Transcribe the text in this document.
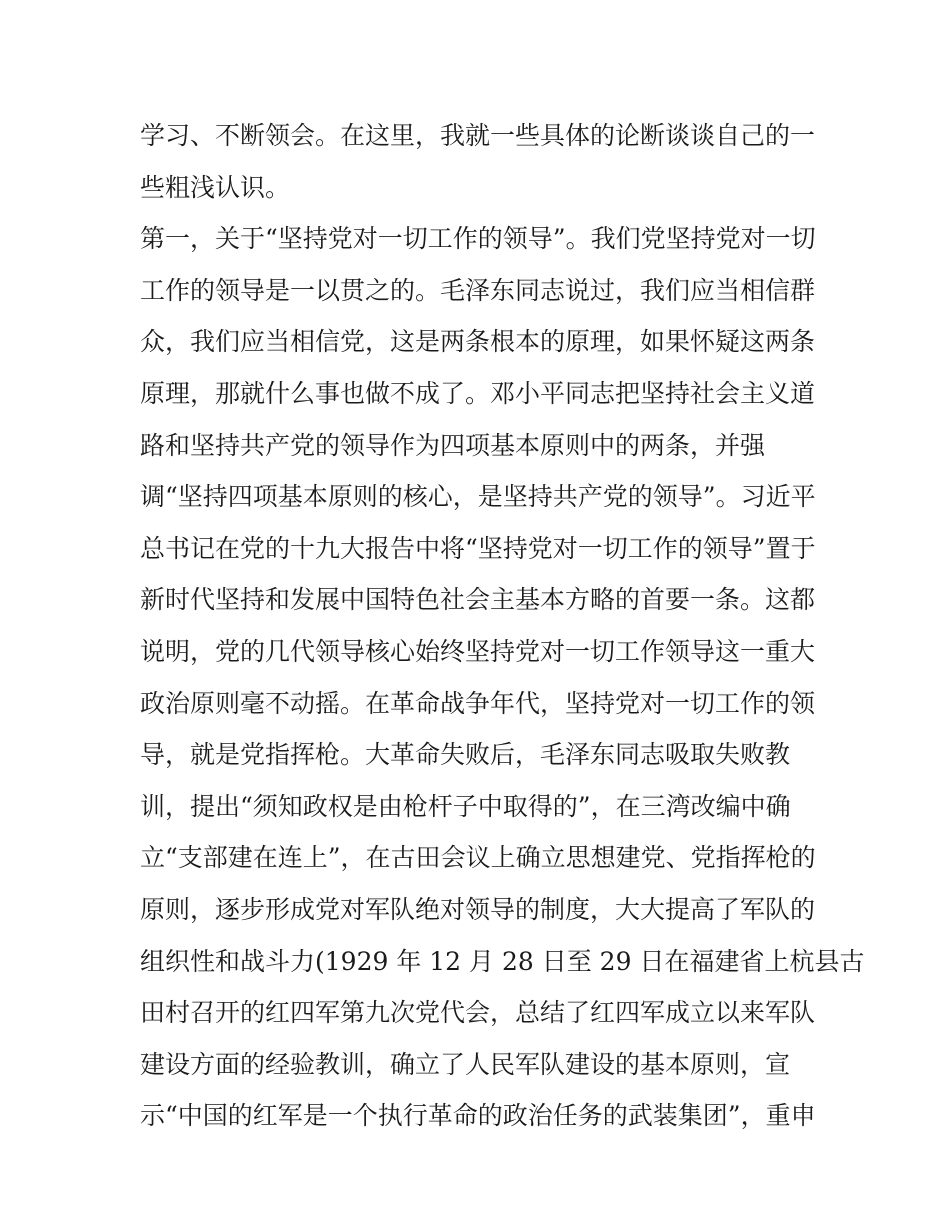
学习、不断领会。在这里，我就一些具体的论断谈谈自己的一
些粗浅认识。
第一，关于“坚持党对一切工作的领导”。我们党坚持党对一切
工作的领导是一以贯之的。毛泽东同志说过，我们应当相信群
众，我们应当相信党，这是两条根本的原理，如果怀疑这两条
原理，那就什么事也做不成了。邓小平同志把坚持社会主义道
路和坚持共产党的领导作为四项基本原则中的两条，并强
调“坚持四项基本原则的核心，是坚持共产党的领导”。习近平
总书记在党的十九大报告中将“坚持党对一切工作的领导”置于
新时代坚持和发展中国特色社会主基本方略的首要一条。这都
说明，党的几代领导核心始终坚持党对一切工作领导这一重大
政治原则毫不动摇。在革命战争年代，坚持党对一切工作的领
导，就是党指挥枪。大革命失败后，毛泽东同志吸取失败教
训，提出“须知政权是由枪杆子中取得的”，在三湾改编中确
立“支部建在连上”，在古田会议上确立思想建党、党指挥枪的
原则，逐步形成党对军队绝对领导的制度，大大提高了军队的
组织性和战斗力(1929 年 12 月 28 日至 29 日在福建省上杭县古
田村召开的红四军第九次党代会，总结了红四军成立以来军队
建设方面的经验教训，确立了人民军队建设的基本原则，宣
示“中国的红军是一个执行革命的政治任务的武装集团”，重申
